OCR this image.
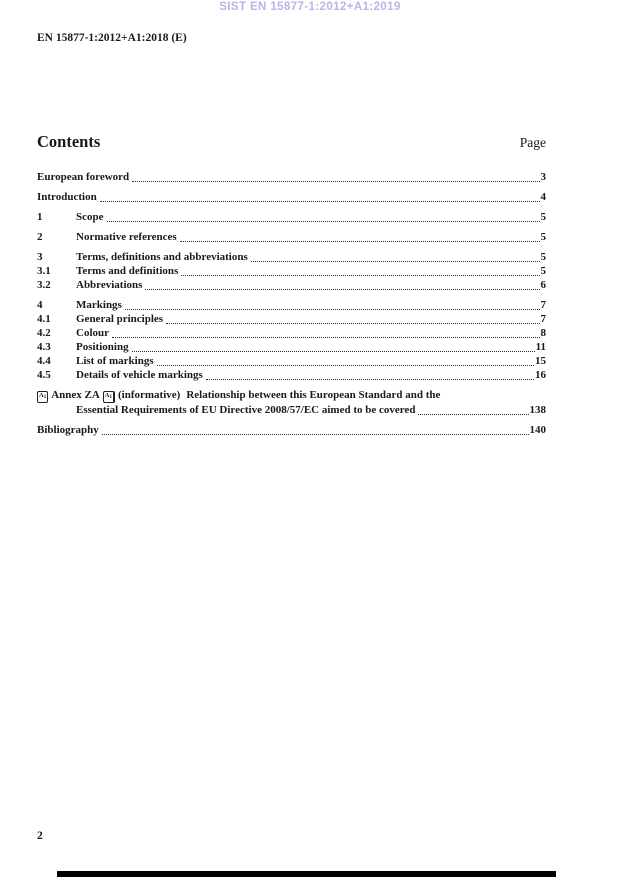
SIST EN 15877-1:2012+A1:2019
EN 15877-1:2012+A1:2018 (E)
Contents	Page
European foreword	3
Introduction	4
1	Scope	5
2	Normative references	5
3	Terms, definitions and abbreviations	5
3.1	Terms and definitions	5
3.2	Abbreviations	6
4	Markings	7
4.1	General principles	7
4.2	Colour	8
4.3	Positioning	11
4.4	List of markings	15
4.5	Details of vehicle markings	16
$A_1$ Annex ZA $A_1$ (informative) Relationship between this European Standard and the
Essential Requirements of EU Directive 2008/57/EC aimed to be covered	138
Bibliography	140
2
